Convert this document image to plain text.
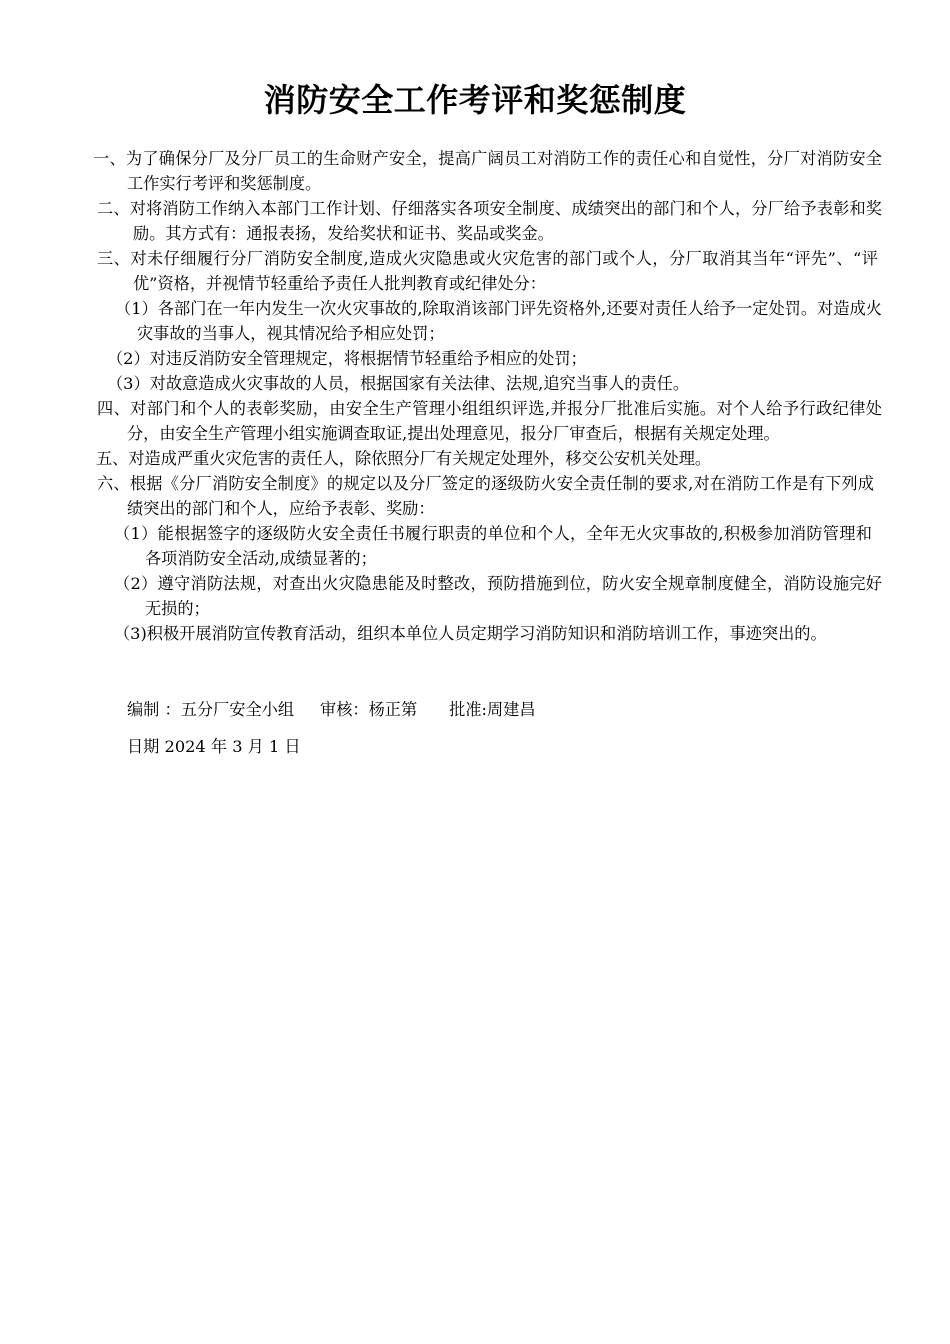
消防安全工作考评和奖惩制度

一、为了确保分厂及分厂员工的生命财产安全，提高广阔员工对消防工作的责任心和自觉性，分厂对消防安全工作实行考评和奖惩制度。

二、对将消防工作纳入本部门工作计划、仔细落实各项安全制度、成绩突出的部门和个人，分厂给予表彰和奖励。其方式有：通报表扬，发给奖状和证书、奖品或奖金。

三、对未仔细履行分厂消防安全制度,造成火灾隐患或火灾危害的部门或个人，分厂取消其当年“评先”、“评优”资格，并视情节轻重给予责任人批判教育或纪律处分：

（1）各部门在一年内发生一次火灾事故的,除取消该部门评先资格外,还要对责任人给予一定处罚。对造成火灾事故的当事人，视其情况给予相应处罚；

（2）对违反消防安全管理规定，将根据情节轻重给予相应的处罚；

（3）对故意造成火灾事故的人员，根据国家有关法律、法规,追究当事人的责任。

四、对部门和个人的表彰奖励，由安全生产管理小组组织评选,并报分厂批准后实施。对个人给予行政纪律处分，由安全生产管理小组实施调查取证,提出处理意见，报分厂审查后，根据有关规定处理。

五、对造成严重火灾危害的责任人，除依照分厂有关规定处理外，移交公安机关处理。

六、根据《分厂消防安全制度》的规定以及分厂签定的逐级防火安全责任制的要求,对在消防工作是有下列成绩突出的部门和个人，应给予表彰、奖励：

（1）能根据签字的逐级防火安全责任书履行职责的单位和个人，全年无火灾事故的,积极参加消防管理和各项消防安全活动,成绩显著的；

（2）遵守消防法规，对查出火灾隐患能及时整改，预防措施到位，防火安全规章制度健全，消防设施完好无损的；

（3)积极开展消防宣传教育活动，组织本单位人员定期学习消防知识和消防培训工作，事迹突出的。

编制 ：五分厂安全小组 审核：杨正第 批准:周建昌
日期 2024 年 3 月 1 日
